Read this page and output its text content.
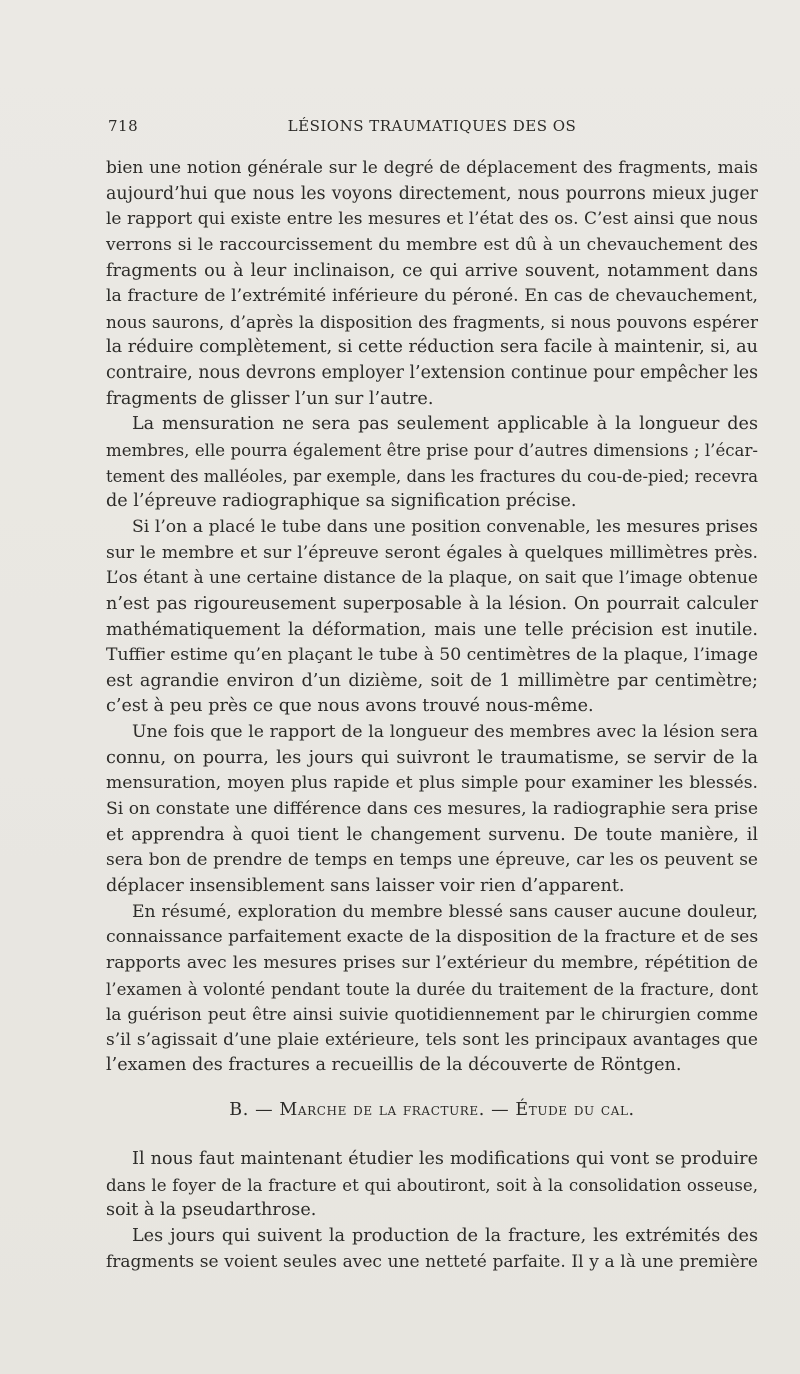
718	LÉSIONS TRAUMATIQUES DES OS
bien une notion générale sur le degré de déplacement des fragments, mais
aujourd’hui que nous les voyons directement, nous pourrons mieux juger
le rapport qui existe entre les mesures et l’état des os. C’est ainsi que nous
verrons si le raccourcissement du membre est dû à un chevauchement des
fragments ou à leur inclinaison, ce qui arrive souvent, notamment dans
la fracture de l’extrémité inférieure du péroné. En cas de chevauchement,
nous saurons, d’après la disposition des fragments, si nous pouvons espérer
la réduire complètement, si cette réduction sera facile à maintenir, si, au
contraire, nous devrons employer l’extension continue pour empêcher les
fragments de glisser l’un sur l’autre.
La mensuration ne sera pas seulement applicable à la longueur des
membres, elle pourra également être prise pour d’autres dimensions ; l’écar-
tement des malléoles, par exemple, dans les fractures du cou-de-pied; recevra
de l’épreuve radiographique sa signification précise.
Si l’on a placé le tube dans une position convenable, les mesures prises
sur le membre et sur l’épreuve seront égales à quelques millimètres près.
L’os étant à une certaine distance de la plaque, on sait que l’image obtenue
n’est pas rigoureusement superposable à la lésion. On pourrait calculer
mathématiquement la déformation, mais une telle précision est inutile.
Tuffier estime qu’en plaçant le tube à 50 centimètres de la plaque, l’image
est agrandie environ d’un dizième, soit de 1 millimètre par centimètre;
c’est à peu près ce que nous avons trouvé nous-même.
Une fois que le rapport de la longueur des membres avec la lésion sera
connu, on pourra, les jours qui suivront le traumatisme, se servir de la
mensuration, moyen plus rapide et plus simple pour examiner les blessés.
Si on constate une différence dans ces mesures, la radiographie sera prise
et apprendra à quoi tient le changement survenu. De toute manière, il
sera bon de prendre de temps en temps une épreuve, car les os peuvent se
déplacer insensiblement sans laisser voir rien d’apparent.
En résumé, exploration du membre blessé sans causer aucune douleur,
connaissance parfaitement exacte de la disposition de la fracture et de ses
rapports avec les mesures prises sur l’extérieur du membre, répétition de
l’examen à volonté pendant toute la durée du traitement de la fracture, dont
la guérison peut être ainsi suivie quotidiennement par le chirurgien comme
s’il s’agissait d’une plaie extérieure, tels sont les principaux avantages que
l’examen des fractures a recueillis de la découverte de Röntgen.
B. — Marche de la fracture. — Étude du cal.
Il nous faut maintenant étudier les modifications qui vont se produire
dans le foyer de la fracture et qui aboutiront, soit à la consolidation osseuse,
soit à la pseudarthrose.
Les jours qui suivent la production de la fracture, les extrémités des
fragments se voient seules avec une netteté parfaite. Il y a là une première
